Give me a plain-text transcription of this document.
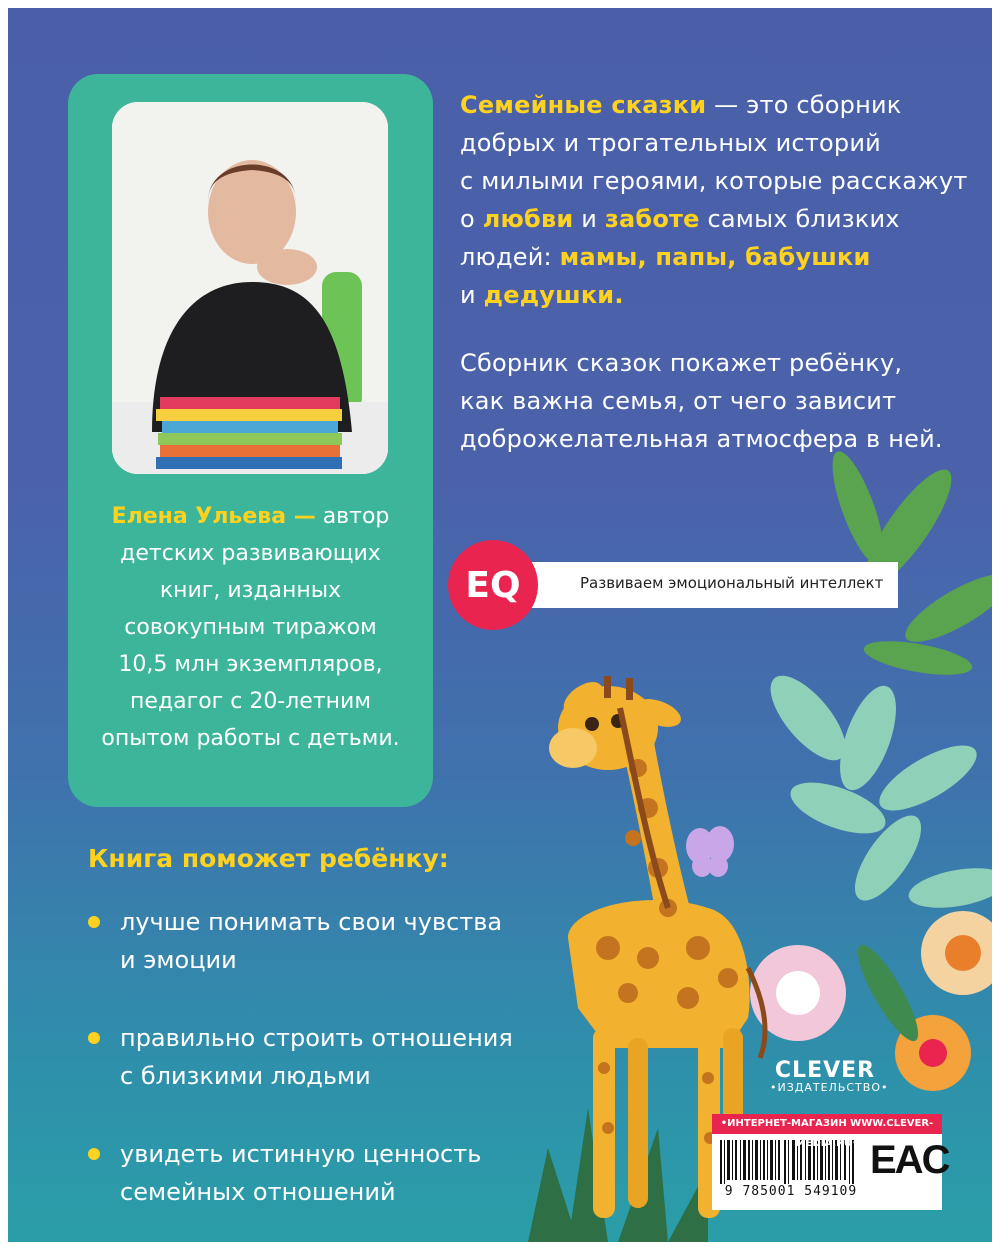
Елена Ульева — автор
детских развивающих
книг, изданных
совокупным тиражом
10,5 млн экземпляров,
педагог с 20-летним
опытом работы с детьми.

Семейные сказки — это сборник
добрых и трогательных историй
с милыми героями, которые расскажут
о любви и заботе самых близких
людей: мамы, папы, бабушки
и дедушки.

Сборник сказок покажет ребёнку,
как важна семья, от чего зависит
доброжелательная атмосфера в ней.

EQ	Развиваем эмоциональный интеллект
Книга поможет ребёнку:
лучше понимать свои чувства
и эмоции
правильно строить отношения
с близкими людьми
увидеть истинную ценность
семейных отношений
CLEVER
•ИЗДАТЕЛЬСТВО•
•ИНТЕРНЕТ-МАГАЗИН WWW.CLEVER-MEDIA.RU•
9 785001 549109
EAC
